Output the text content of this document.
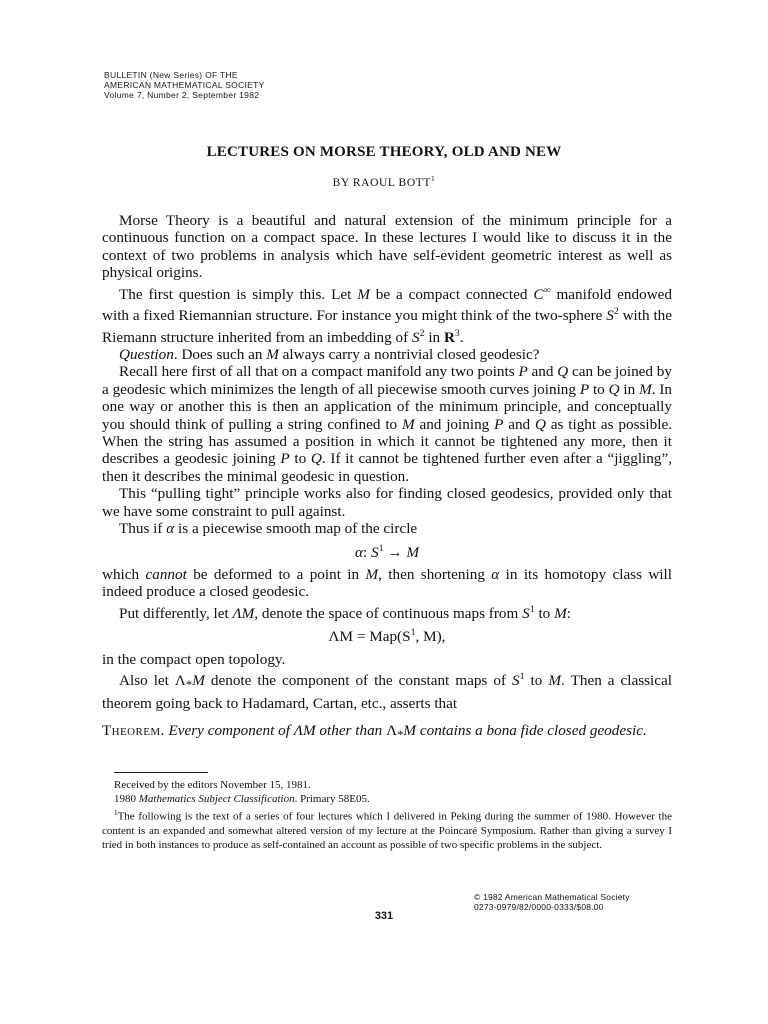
BULLETIN (New Series) OF THE
AMERICAN MATHEMATICAL SOCIETY
Volume 7, Number 2, September 1982
LECTURES ON MORSE THEORY, OLD AND NEW
BY RAOUL BOTT$^1$

Morse Theory is a beautiful and natural extension of the minimum principle for a continuous function on a compact space. In these lectures I would like to discuss it in the context of two problems in analysis which have self-evident geometric interest as well as physical origins.

The first question is simply this. Let M be a compact connected C∞ manifold endowed with a fixed Riemannian structure. For instance you might think of the two-sphere $S^2$ with the Riemann structure inherited from an imbedding of $S^2$ in $R^3$.

Question. Does such an M always carry a nontrivial closed geodesic?

Recall here first of all that on a compact manifold any two points P and Q can be joined by a geodesic which minimizes the length of all piecewise smooth curves joining P to Q in M. In one way or another this is then an application of the minimum principle, and conceptually you should think of pulling a string confined to M and joining P and Q as tight as possible. When the string has assumed a position in which it cannot be tightened any more, then it describes a geodesic joining P to Q. If it cannot be tightened further even after a “jiggling”, then it describes the minimal geodesic in question.

This “pulling tight” principle works also for finding closed geodesics, provided only that we have some constraint to pull against.

Thus if α is a piecewise smooth map of the circle

α: $S^1 \to M$

which cannot be deformed to a point in M, then shortening α in its homotopy class will indeed produce a closed geodesic.

Put differently, let ΛM, denote the space of continuous maps from $S^1$ to M:

$\Lambda M = Map(S^1$, M),

in the compact open topology.

Also let $\Lambda_*M$ denote the component of the constant maps of $S^1$ to M. Then a classical theorem going back to Hadamard, Cartan, etc., asserts that

Theorem. Every component of ΛM other than $\Lambda_*M$ contains a bona fide closed geodesic.

Received by the editors November 15, 1981.

1980 Mathematics Subject Classification. Primary 58E05.

$^1$The following is the text of a series of four lectures which I delivered in Peking during the summer of 1980. However the content is an expanded and somewhat altered version of my lecture at the Poincaré Symposium. Rather than giving a survey I tried in both instances to produce as self-contained an account as possible of two specific problems in the subject.

© 1982 American Mathematical Society
0273-0979/82/0000-0333/$08.00
331
